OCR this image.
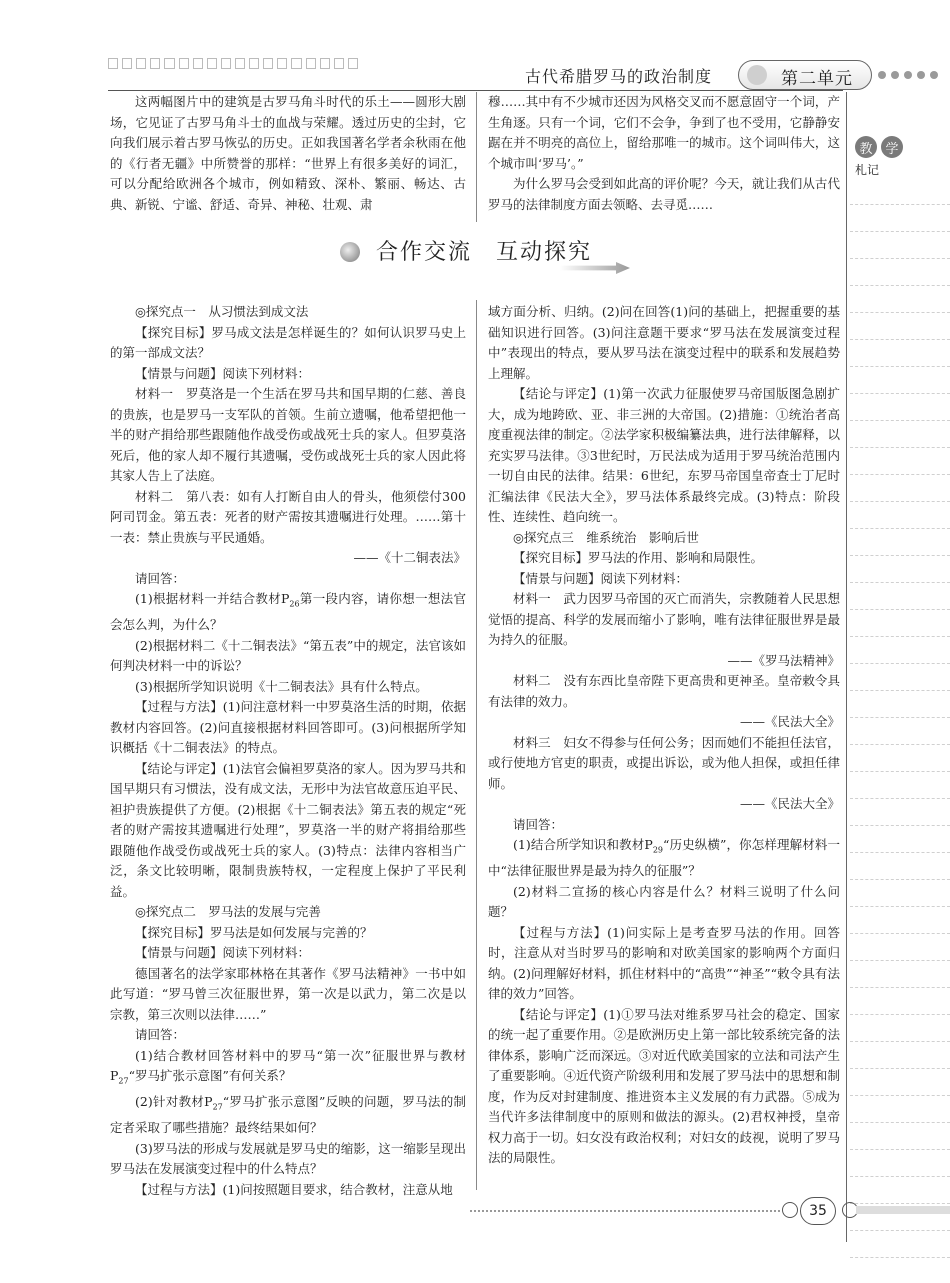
古代希腊罗马的政治制度	第二单元
教 学
札记

这两幅图片中的建筑是古罗马角斗时代的乐土——圆形大剧场，它见证了古罗马角斗士的血战与荣耀。透过历史的尘封，它向我们展示着古罗马恢弘的历史。正如我国著名学者余秋雨在他的《行者无疆》中所赞誉的那样：“世界上有很多美好的词汇，可以分配给欧洲各个城市，例如精致、深朴、繁丽、畅达、古典、新锐、宁谧、舒适、奇异、神秘、壮观、肃

穆……其中有不少城市还因为风格交叉而不愿意固守一个词，产生角逐。只有一个词，它们不会争，争到了也不受用，它静静安踞在并不明亮的高位上，留给那唯一的城市。这个词叫伟大，这个城市叫‘罗马’。”

为什么罗马会受到如此高的评价呢？今天，就让我们从古代罗马的法律制度方面去领略、去寻觅……

合作交流　互动探究

◎探究点一　从习惯法到成文法

【探究目标】罗马成文法是怎样诞生的？如何认识罗马史上的第一部成文法？

【情景与问题】阅读下列材料：

材料一　罗莫洛是一个生活在罗马共和国早期的仁慈、善良的贵族，也是罗马一支军队的首领。生前立遗嘱，他希望把他一半的财产捐给那些跟随他作战受伤或战死士兵的家人。但罗莫洛死后，他的家人却不履行其遗嘱，受伤或战死士兵的家人因此将其家人告上了法庭。

材料二　第八表：如有人打断自由人的骨头，他须偿付300阿司罚金。第五表：死者的财产需按其遗嘱进行处理。……第十一表：禁止贵族与平民通婚。

——《十二铜表法》

请回答：

(1)根据材料一并结合教材$P_{26}$第一段内容，请你想一想法官会怎么判，为什么？

(2)根据材料二《十二铜表法》“第五表”中的规定，法官该如何判决材料一中的诉讼？

(3)根据所学知识说明《十二铜表法》具有什么特点。

【过程与方法】(1)问注意材料一中罗莫洛生活的时期，依据教材内容回答。(2)问直接根据材料回答即可。(3)问根据所学知识概括《十二铜表法》的特点。

【结论与评定】(1)法官会偏袒罗莫洛的家人。因为罗马共和国早期只有习惯法，没有成文法，无形中为法官故意压迫平民、袒护贵族提供了方便。(2)根据《十二铜表法》第五表的规定“死者的财产需按其遗嘱进行处理”，罗莫洛一半的财产将捐给那些跟随他作战受伤或战死士兵的家人。(3)特点：法律内容相当广泛，条文比较明晰，限制贵族特权，一定程度上保护了平民利益。

◎探究点二　罗马法的发展与完善

【探究目标】罗马法是如何发展与完善的？

【情景与问题】阅读下列材料：

德国著名的法学家耶林格在其著作《罗马法精神》一书中如此写道：“罗马曾三次征服世界，第一次是以武力，第二次是以宗教，第三次则以法律……”

请回答：

(1)结合教材回答材料中的罗马“第一次”征服世界与教材$P_{27}“$罗马扩张示意图”有何关系？

(2)针对教材$P_{27}“$罗马扩张示意图”反映的问题，罗马法的制定者采取了哪些措施？最终结果如何？

(3)罗马法的形成与发展就是罗马史的缩影，这一缩影呈现出罗马法在发展演变过程中的什么特点？

【过程与方法】(1)问按照题目要求，结合教材，注意从地

域方面分析、归纳。(2)问在回答(1)问的基础上，把握重要的基础知识进行回答。(3)问注意题干要求“罗马法在发展演变过程中”表现出的特点，要从罗马法在演变过程中的联系和发展趋势上理解。

【结论与评定】(1)第一次武力征服使罗马帝国版图急剧扩大，成为地跨欧、亚、非三洲的大帝国。(2)措施：①统治者高度重视法律的制定。②法学家积极编纂法典，进行法律解释，以充实罗马法律。③3世纪时，万民法成为适用于罗马统治范围内一切自由民的法律。结果：6世纪，东罗马帝国皇帝查士丁尼时汇编法律《民法大全》，罗马法体系最终完成。(3)特点：阶段性、连续性、趋向统一。

◎探究点三　维系统治　影响后世

【探究目标】罗马法的作用、影响和局限性。

【情景与问题】阅读下列材料：

材料一　武力因罗马帝国的灭亡而消失，宗教随着人民思想觉悟的提高、科学的发展而缩小了影响，唯有法律征服世界是最为持久的征服。

——《罗马法精神》

材料二　没有东西比皇帝陛下更高贵和更神圣。皇帝敕令具有法律的效力。

——《民法大全》

材料三　妇女不得参与任何公务；因而她们不能担任法官，或行使地方官吏的职责，或提出诉讼，或为他人担保，或担任律师。

——《民法大全》

请回答：

(1)结合所学知识和教材$P_{29}“$历史纵横”，你怎样理解材料一中“法律征服世界是最为持久的征服”？

(2)材料二宣扬的核心内容是什么？材料三说明了什么问题？

【过程与方法】(1)问实际上是考查罗马法的作用。回答时，注意从对当时罗马的影响和对欧美国家的影响两个方面归纳。(2)问理解好材料，抓住材料中的“高贵”“神圣”“敕令具有法律的效力”回答。

【结论与评定】(1)①罗马法对维系罗马社会的稳定、国家的统一起了重要作用。②是欧洲历史上第一部比较系统完备的法律体系，影响广泛而深远。③对近代欧美国家的立法和司法产生了重要影响。④近代资产阶级利用和发展了罗马法中的思想和制度，作为反对封建制度、推进资本主义发展的有力武器。⑤成为当代许多法律制度中的原则和做法的源头。(2)君权神授，皇帝权力高于一切。妇女没有政治权利；对妇女的歧视，说明了罗马法的局限性。

35
